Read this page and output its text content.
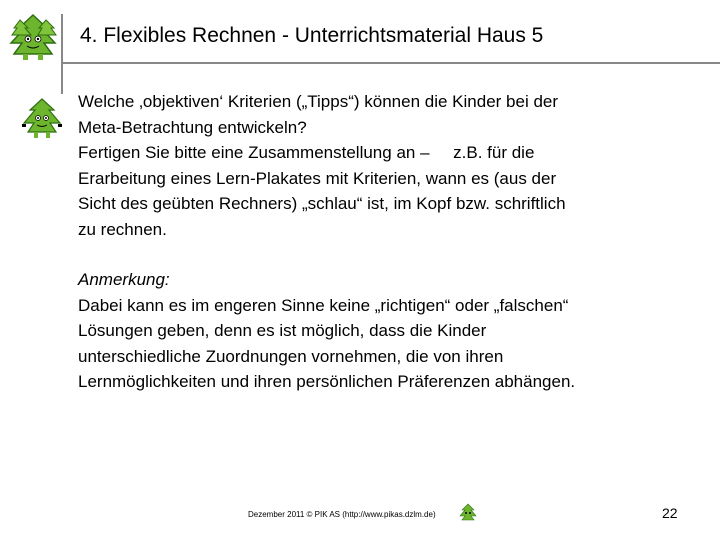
4. Flexibles Rechnen - Unterrichtsmaterial Haus 5

Welche ‚objektiven‘ Kriterien („Tipps“) können die Kinder bei der

Meta-Betrachtung entwickeln?

Fertigen Sie bitte eine Zusammenstellung an –     z.B. für die

Erarbeitung eines Lern-Plakates mit Kriterien, wann es (aus der

Sicht des geübten Rechners) „schlau“ ist, im Kopf bzw. schriftlich

zu rechnen.

Anmerkung:

Dabei kann es im engeren Sinne keine „richtigen“ oder „falschen“

Lösungen geben, denn es ist möglich, dass die Kinder

unterschiedliche Zuordnungen vornehmen, die von ihren

Lernmöglichkeiten und ihren persönlichen Präferenzen abhängen.

Dezember 2011 © PIK AS (http://www.pikas.dzlm.de)	22
